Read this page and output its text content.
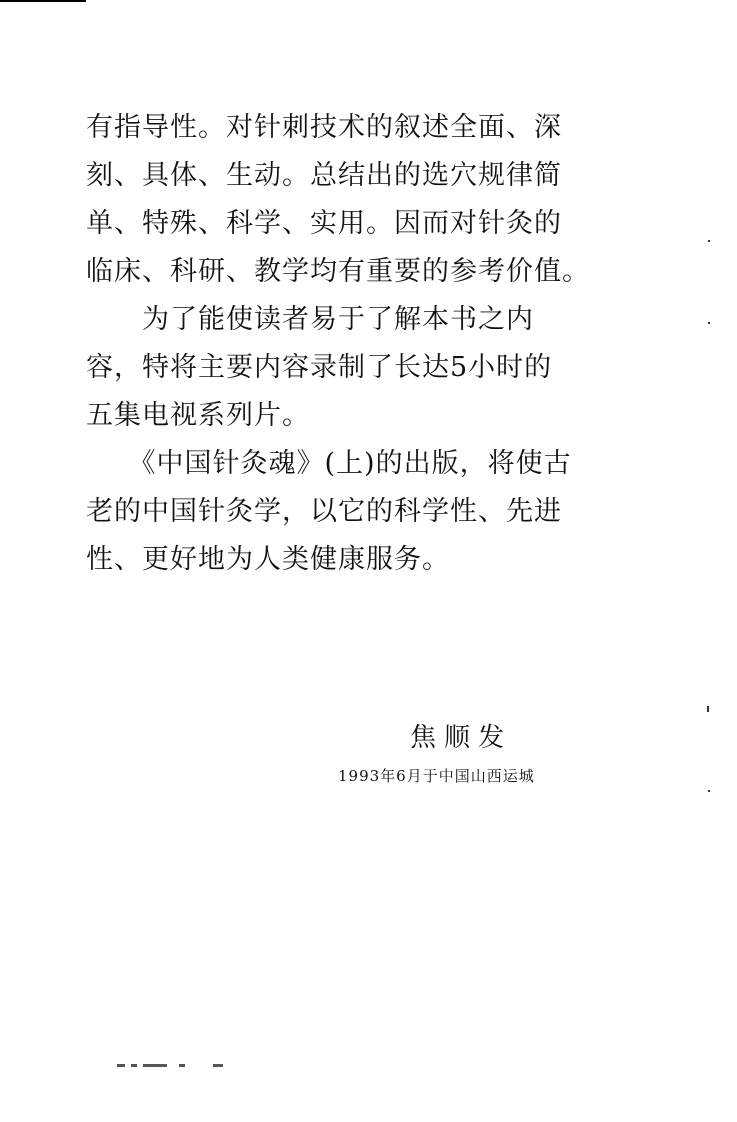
有指导性。对针刺技术的叙述全面、深
刻、具体、生动。总结出的选穴规律简
单、特殊、科学、实用。因而对针灸的
临床、科研、教学均有重要的参考价值。
　　为了能使读者易于了解本书之内
容，特将主要内容录制了长达5小时的
五集电视系列片。
　　《中国针灸魂》(上)的出版，将使古
老的中国针灸学，以它的科学性、先进
性、更好地为人类健康服务。
焦顺发
1993年6月于中国山西运城
